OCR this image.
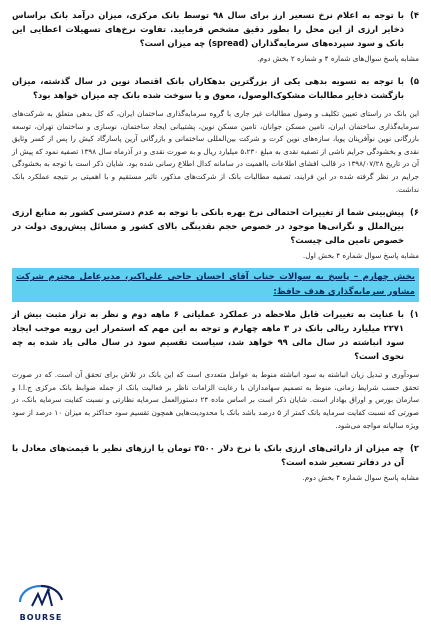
۴)
با توجه به اعلام نرخ تسعیر ارز برای سال ۹۸ توسط بانک مرکزی، میزان درآمد بانک براساس ذخایر ارزی از این محل را بطور دقیق مشخص فرمایید. تفاوت نرخ‌های تسهیلات اعطایی این بانک و سود سپرده‌های سرمایه‌گذاران (spread) چه میزان است؟

مشابه پاسخ سوال‌های شماره ۴ و شماره ۲ بخش دوم.

۵)
با توجه به تسویه بدهی یکی از بزرگترین بدهکاران بانک اقتصاد نوین در سال گذشته، میزان بازگشت ذخایر مطالبات مشکوک‌الوصول، معوق و یا سوخت شده بانک چه میزان خواهد بود؟

این بانک در راستای تعیین تکلیف و وصول مطالبات غیر جاری با گروه سرمایه‌گذاری ساختمان ایران، که کل بدهی متعلق به شرکت‌های سرمایه‌گذاری ساختمان ایران، تامین مسکن جوانان، تامین مسکن نوین، پشتیبانی ایجاد ساختمان، نوسازی و ساختمان تهران، توسعه بازرگانی نوین نوآفرینان پویا، سازه‌های نوین کرت و شرکت بین‌المللی ساختمانی و بازرگانی آرین پاسارگاد کیش را پس از کسر وثایق نقدی و بخشودگی جرایم ناشی از تصفیه نقدی به مبلغ ۵،۲۳۰ میلیارد ریال و به صورت نقدی و در آذرماه سال ۱۳۹۸ تصفیه نمود که پیش از آن در تاریخ ۱۳۹۸/۰۷/۲۸ در قالب افشای اطلاعات بااهمیت در سامانه کدال اطلاع رسانی شده بود. شایان ذکر است با توجه به بخشودگی جرایم در نظر گرفته شده در این فرایند، تصفیه مطالبات بانک از شرکت‌های مذکور، تاثیر مستقیم و با اهمیتی بر نتیجه عملکرد بانک نداشت.

۶)
پیش‌بینی شما از تغییرات احتمالی نرخ بهره بانکی با توجه به عدم دسترسی کشور به منابع ارزی بین‌الملل و نگرانی‌ها موجود در خصوص حجم نقدینگی بالای کشور و مسائل پیش‌روی دولت در خصوص تامین مالی چیست؟

مشابه پاسخ سوال شماره ۴ بخش اول.

بخش چهارم – پاسخ به سوالات جناب آقای احسان حاجی علی‌اکبر، مدیرعامل محترم شرکت مشاور سرمایه‌گذاری هدف حافظ:
۱)
با عنایت به تغییرات قابل ملاحظه در عملکرد عملیاتی ۶ ماهه دوم و نظر به تراز مثبت بیش از ۲۲۷۱ میلیارد ریالی بانک در ۳ ماهه چهارم و توجه به این مهم که استمرار این رویه موجب ایجاد سود انباشته در سال مالی ۹۹ خواهد شد، سیاست تقسیم سود در سال مالی یاد شده به چه نحوی است؟

سودآوری و تبدیل زیان انباشته به سود انباشته منوط به عوامل متعددی است که این بانک در تلاش برای تحقق آن است. که در صورت تحقق حسب شرایط زمانی، منوط به تصمیم سهامداران با رعایت الزامات ناظر بر فعالیت بانک از جمله ضوابط بانک مرکزی ج.ا.ا و سازمان بورس و اوراق بهادار است. شایان ذکر است بر اساس ماده ۲۴ دستورالعمل سرمایه نظارتی و نسبت کفایت سرمایه بانک، در صورتی که نسبت کفایت سرمایه بانک کمتر از ۵ درصد باشد بانک با محدودیت‌هایی همچون تقسیم سود حداکثر به میزان ۱۰ درصد از سود ویژه سالیانه مواجه می‌شود.

۲)
چه میزان از دارائی‌های ارزی بانک با نرخ دلار ۳۵۰۰ تومان یا ارزهای نظیر با قیمت‌های معادل با آن در دفاتر تسعیر شده است؟

مشابه پاسخ سوال شماره ۴ بخش دوم.

BOURSE
